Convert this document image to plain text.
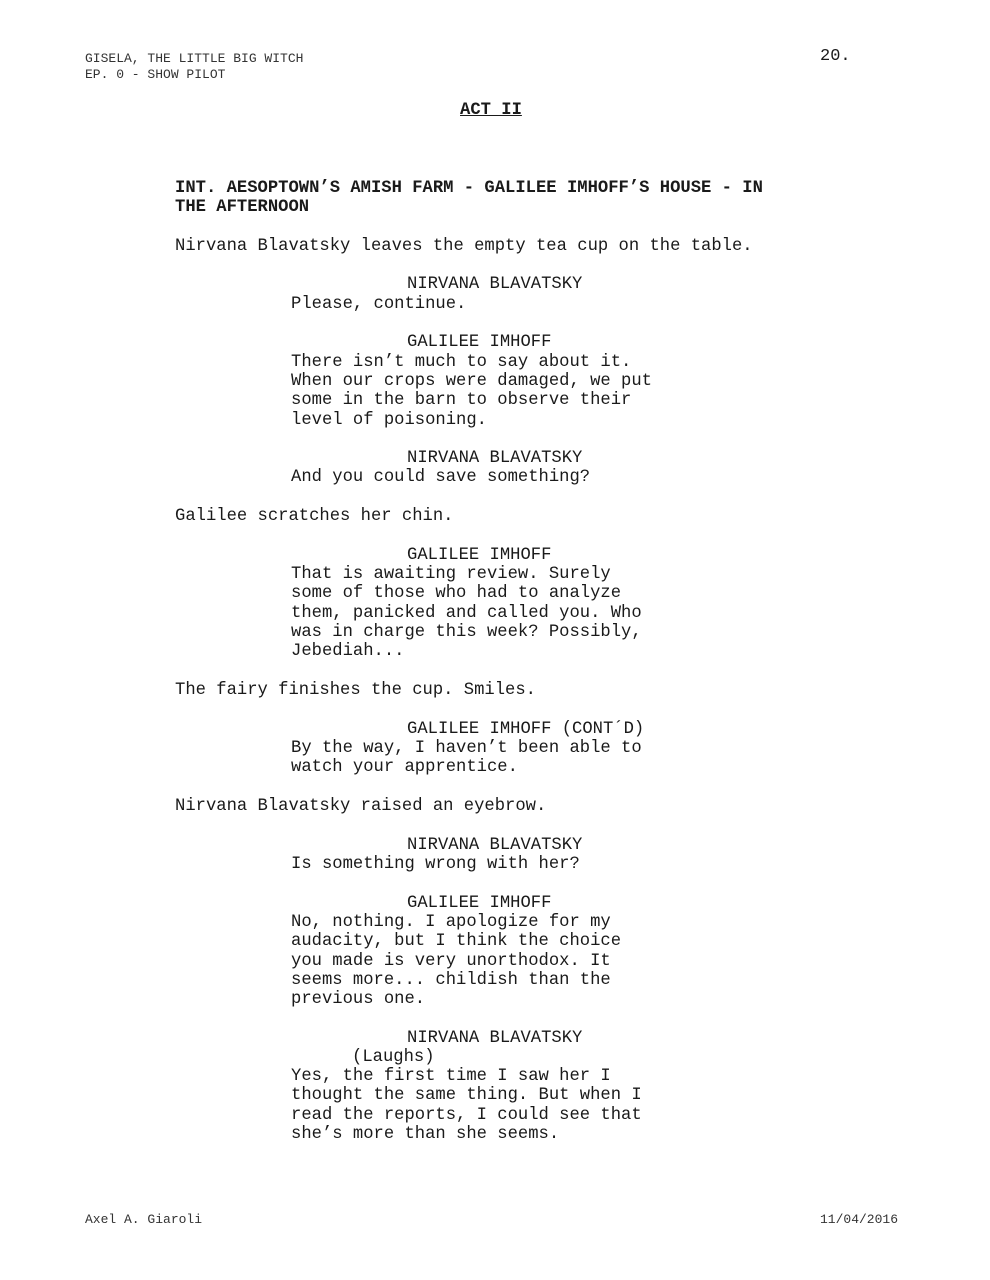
GISELA, THE LITTLE BIG WITCH
EP. 0 - SHOW PILOT
20.
ACT II
INT. AESOPTOWN’S AMISH FARM - GALILEE IMHOFF’S HOUSE - IN
THE AFTERNOON
Nirvana Blavatsky leaves the empty tea cup on the table.
NIRVANA BLAVATSKY
Please, continue.
GALILEE IMHOFF
There isn’t much to say about it.
When our crops were damaged, we put
some in the barn to observe their
level of poisoning.
NIRVANA BLAVATSKY
And you could save something?
Galilee scratches her chin.
GALILEE IMHOFF
That is awaiting review. Surely
some of those who had to analyze
them, panicked and called you. Who
was in charge this week? Possibly,
Jebediah...
The fairy finishes the cup. Smiles.
GALILEE IMHOFF (CONT´D)
By the way, I haven’t been able to
watch your apprentice.
Nirvana Blavatsky raised an eyebrow.
NIRVANA BLAVATSKY
Is something wrong with her?
GALILEE IMHOFF
No, nothing. I apologize for my
audacity, but I think the choice
you made is very unorthodox. It
seems more... childish than the
previous one.
NIRVANA BLAVATSKY
(Laughs)
Yes, the first time I saw her I
thought the same thing. But when I
read the reports, I could see that
she’s more than she seems.
Axel A. Giaroli	11/04/2016
